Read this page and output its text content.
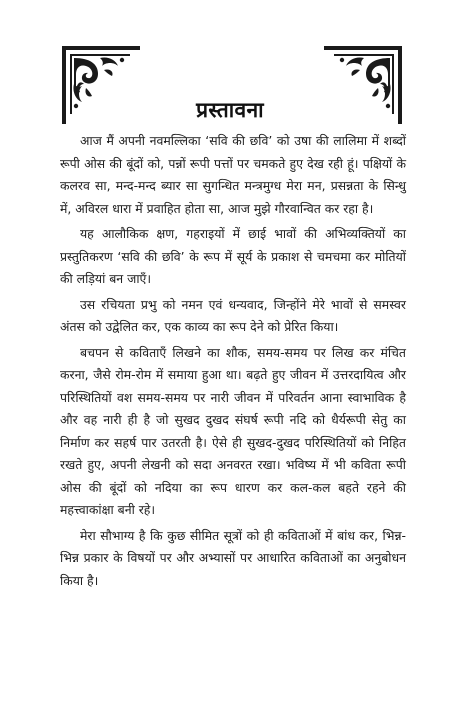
प्रस्तावना

आज मैं अपनी नवमल्लिका ‘सवि की छवि’ को उषा की लालिमा में शब्दों रूपी ओस की बूंदों को, पन्नों रूपी पत्तों पर चमकते हुए देख रही हूं। पक्षियों के कलरव सा, मन्द-मन्द ब्यार सा सुगन्धित मन्त्रमुग्ध मेरा मन, प्रसन्नता के सिन्धु में, अविरल धारा में प्रवाहित होता सा, आज मुझे गौरवान्वित कर रहा है।

यह आलौकिक क्षण, गहराइयों में छाई भावों की अभिव्यक्तियों का प्रस्तुतिकरण ‘सवि की छवि’ के रूप में सूर्य के प्रकाश से चमचमा कर मोतियों की लड़ियां बन जाएँ।

उस रचियता प्रभु को नमन एवं धन्यवाद, जिन्होंने मेरे भावों से समस्वर अंतस को उद्वेलित कर, एक काव्य का रूप देने को प्रेरित किया।

बचपन से कविताएँ लिखने का शौक, समय-समय पर लिख कर मंचित करना, जैसे रोम-रोम में समाया हुआ था। बढ़ते हुए जीवन में उत्तरदायित्व और परिस्थितियों वश समय-समय पर नारी जीवन में परिवर्तन आना स्वाभाविक है और वह नारी ही है जो सुखद दुखद संघर्ष रूपी नदि को धैर्यरूपी सेतु का निर्माण कर सहर्ष पार उतरती है। ऐसे ही सुखद-दुखद परिस्थितियों को निहित रखते हुए, अपनी लेखनी को सदा अनवरत रखा। भविष्य में भी कविता रूपी ओस की बूंदों को नदिया का रूप धारण कर कल-कल बहते रहने की महत्त्वाकांक्षा बनी रहे।

मेरा सौभाग्य है कि कुछ सीमित सूत्रों को ही कविताओं में बांध कर, भिन्न-भिन्न प्रकार के विषयों पर और अभ्यासों पर आधारित कविताओं का अनुबोधन किया है।
